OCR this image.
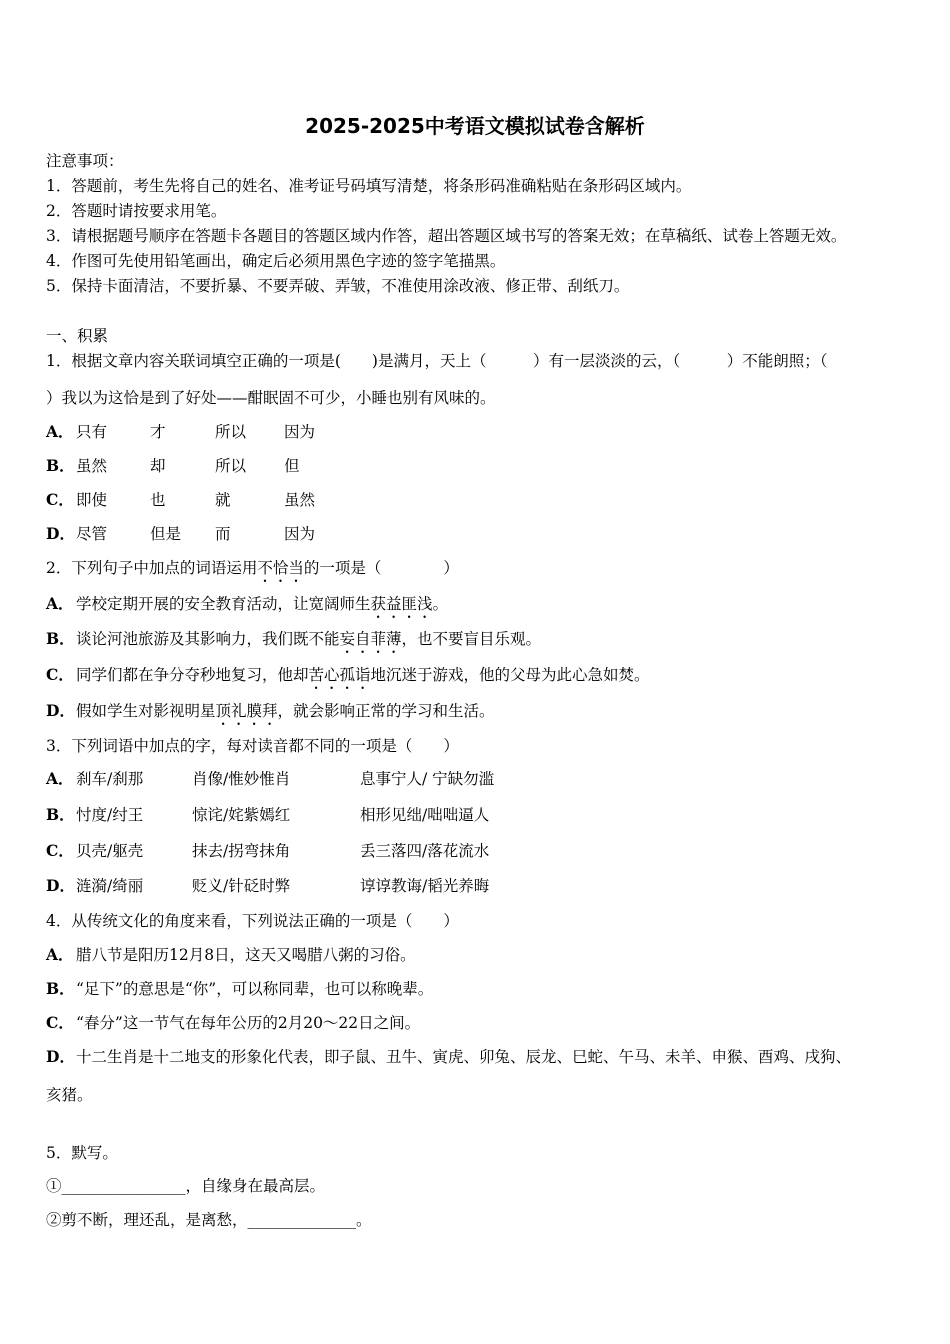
2025-2025中考语文模拟试卷含解析
注意事项：
1．答题前，考生先将自己的姓名、准考证号码填写清楚，将条形码准确粘贴在条形码区域内。
2．答题时请按要求用笔。
3．请根据题号顺序在答题卡各题目的答题区域内作答，超出答题区域书写的答案无效；在草稿纸、试卷上答题无效。
4．作图可先使用铅笔画出，确定后必须用黑色字迹的签字笔描黑。
5．保持卡面清洁，不要折暴、不要弄破、弄皱，不准使用涂改液、修正带、刮纸刀。
一、积累
1．根据文章内容关联词填空正确的一项是(　　)是满月，天上（　　　）有一层淡淡的云，（　　　）不能朗照；（
）我以为这恰是到了好处——酣眠固不可少，小睡也别有风味的。
A． 只有	才	所以 因为
B． 虽然	却	所以 但
C． 即使	也	就	虽然
D． 尽管	但是 而	因为
2．下列句子中加点的词语运用不恰当的一项是（　　　　）
A． 学校定期开展的安全教育活动，让宽阔师生获益匪浅。
B．谈论河池旅游及其影响力，我们既不能妄自菲薄，也不要盲目乐观。
C． 同学们都在争分夺秒地复习，他却苦心孤诣地沉迷于游戏，他的父母为此心急如焚。
D．假如学生对影视明星顶礼膜拜，就会影响正常的学习和生活。
3．下列词语中加点的字，每对读音都不同的一项是（　　）
A． 刹车/刹那	肖像/惟妙惟肖	息事宁人/ 宁缺勿滥
B． 忖度/纣王	惊诧/姹紫嫣红	相形见绌/咄咄逼人
C． 贝壳/躯壳	抹去/拐弯抹角	丢三落四/落花流水
D． 涟漪/绮丽	贬义/针砭时弊	谆谆教诲/韬光养晦
4．从传统文化的角度来看，下列说法正确的一项是（　　）
A． 腊八节是阳历12月8日，这天又喝腊八粥的习俗。
B．“足下”的意思是“你”，可以称同辈，也可以称晚辈。
C． “春分”这一节气在每年公历的2月20～22日之间。
D．十二生肖是十二地支的形象化代表，即子鼠、丑牛、寅虎、卯兔、辰龙、巳蛇、午马、未羊、申猴、酉鸡、戌狗、
亥猪。
5．默写。
①________________，自缘身在最高层。
②剪不断，理还乱，是离愁，______________。
